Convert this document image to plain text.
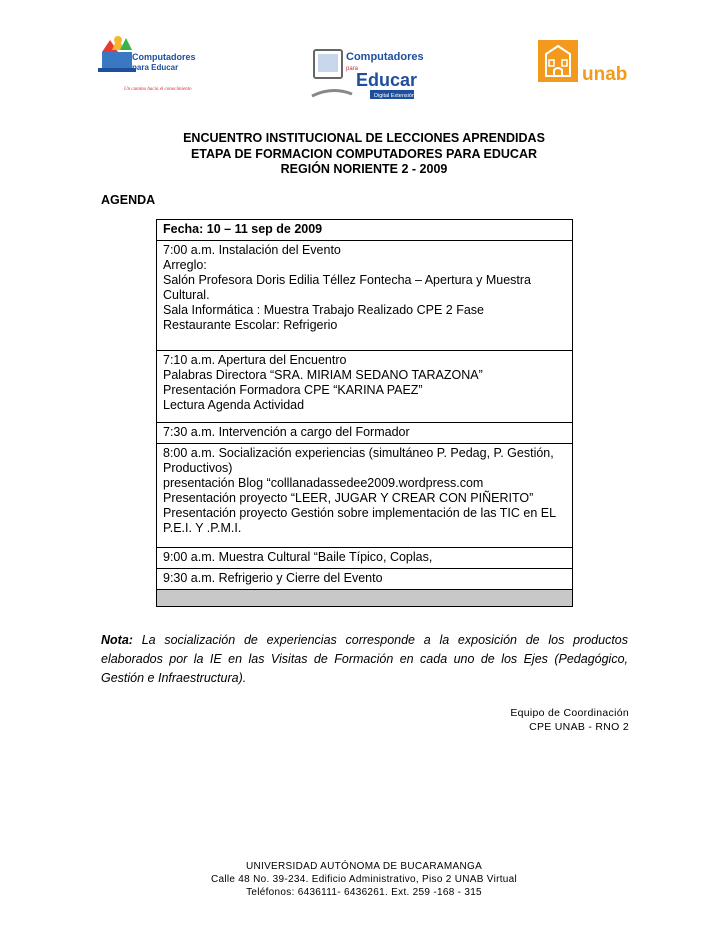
Computadores
para Educar
Un camino hacia el conocimiento
Computadores
para
Educar
Digital Extensión
unab
ENCUENTRO INSTITUCIONAL DE LECCIONES APRENDIDAS
ETAPA DE FORMACION COMPUTADORES PARA EDUCAR
REGIÓN NORIENTE 2 - 2009
AGENDA
Fecha: 10 – 11 sep de 2009

7:00 a.m. Instalación del Evento
Arreglo:
Salón Profesora Doris Edilia Téllez Fontecha – Apertura y Muestra Cultural.
Sala Informática : Muestra Trabajo Realizado CPE 2 Fase
Restaurante Escolar: Refrigerio

7:10 a.m. Apertura del Encuentro
Palabras Directora “SRA. MIRIAM SEDANO TARAZONA”
Presentación Formadora CPE “KARINA PAEZ”
Lectura Agenda Actividad

7:30 a.m. Intervención a cargo del Formador

8:00 a.m. Socialización experiencias (simultáneo P. Pedag, P. Gestión, Productivos)
presentación Blog “colllanadassedee2009.wordpress.com
Presentación proyecto “LEER, JUGAR Y CREAR CON PIÑERITO”
Presentación proyecto Gestión sobre implementación de las TIC en EL P.E.I. Y .P.M.I.

9:00 a.m. Muestra Cultural “Baile Típico, Coplas,
9:30 a.m. Refrigerio y Cierre del Evento

Nota: La socialización de experiencias corresponde a la exposición de los productos elaborados por la IE en las Visitas de Formación en cada uno de los Ejes (Pedagógico, Gestión e Infraestructura).
Equipo de Coordinación
CPE UNAB - RNO 2
UNIVERSIDAD AUTÓNOMA DE BUCARAMANGA
Calle 48 No. 39-234. Edificio Administrativo, Piso 2 UNAB Virtual
Teléfonos: 6436111- 6436261. Ext. 259 -168 - 315
